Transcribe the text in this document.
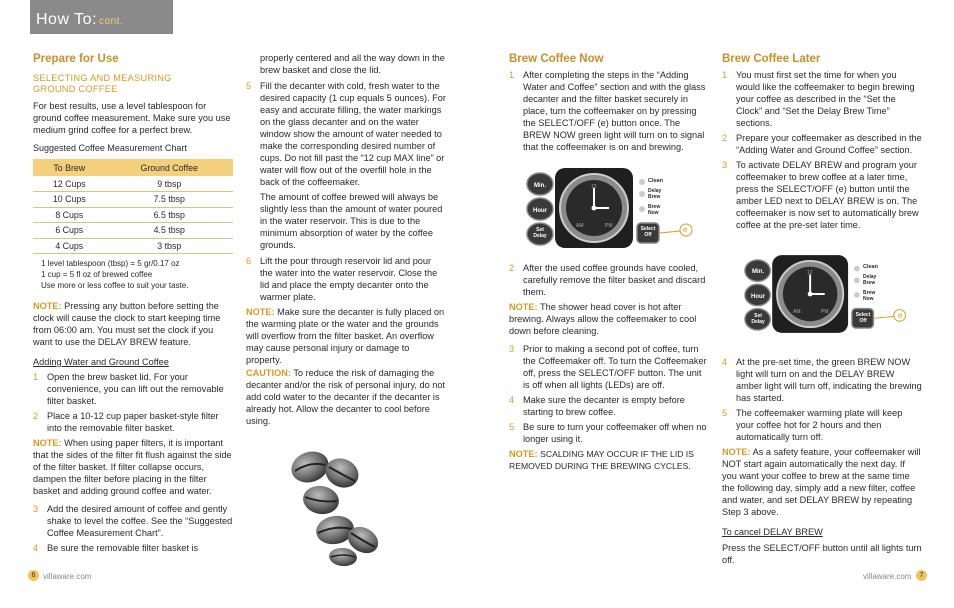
How To: cont.
Prepare for Use
SELECTING AND MEASURING GROUND COFFEE
For best results, use a level tablespoon for ground coffee measurement. Make sure you use medium grind coffee for a perfect brew.
Suggested Coffee Measurement Chart
To Brew	Ground Coffee
12 Cups	9 tbsp
10 Cups	7.5 tbsp
8 Cups	6.5 tbsp
6 Cups	4.5 tbsp
4 Cups	3 tbsp
1 level tablespoon (tbsp) = 5 gr/0.17 oz
1 cup = 5 fl oz of brewed coffee
Use more or less coffee to suit your taste.
NOTE: Pressing any button before setting the clock will cause the clock to start keeping time from 06:00 am. You must set the clock if you want to use the DELAY BREW feature.
Adding Water and Ground Coffee
1 Open the brew basket lid. For your convenience, you can lift out the removable filter basket.
2 Place a 10-12 cup paper basket-style filter into the removable filter basket.
NOTE: When using paper filters, it is important that the sides of the filter fit flush against the side of the filter basket. If filter collapse occurs, dampen the filter before placing in the filter basket and adding ground coffee and water.
3 Add the desired amount of coffee and gently shake to level the coffee. See the “Suggested Coffee Measurement Chart”.
4 Be sure the removable filter basket is
properly centered and all the way down in the brew basket and close the lid.
5 Fill the decanter with cold, fresh water to the desired capacity (1 cup equals 5 ounces). For easy and accurate filling, the water markings on the glass decanter and on the water window show the amount of water needed to make the corresponding desired number of cups. Do not fill past the “12 cup MAX line” or water will flow out of the overfill hole in the back of the coffeemaker.
The amount of coffee brewed will always be slightly less than the amount of water poured in the water reservoir. This is due to the minimum absorption of water by the coffee grounds.
6 Lift the pour through reservoir lid and pour the water into the water reservoir. Close the lid and place the empty decanter onto the warmer plate.
NOTE: Make sure the decanter is fully placed on the warming plate or the water and the grounds will overflow from the filter basket. An overflow may cause personal injury or damage to property.
CAUTION: To reduce the risk of damaging the decanter and/or the risk of personal injury, do not add cold water to the decanter if the decanter is already hot. Allow the decanter to cool before using.
Brew Coffee Now
1 After completing the steps in the “Adding Water and Coffee” section and with the glass decanter and the filter basket securely in place, turn the coffeemaker on by pressing the SELECT/OFF (e) button once. The BREW NOW green light will turn on to signal that the coffeemaker is on and brewing.
Min.
Hour
Set Delay
Select Off
Clean
Delay Brew
Brew Now
12
AM	PM	e
2 After the used coffee grounds have cooled, carefully remove the filter basket and discard them.
NOTE: The shower head cover is hot after brewing. Always allow the coffeemaker to cool down before cleaning.
3 Prior to making a second pot of coffee, turn the Coffeemaker off. To turn the Coffeemaker off, press the SELECT/OFF button. The unit is off when all lights (LEDs) are off.
4 Make sure the decanter is empty before starting to brew coffee.
5 Be sure to turn your coffeemaker off when no longer using it.
NOTE: SCALDING MAY OCCUR IF THE LID IS REMOVED DURING THE BREWING CYCLES.
Brew Coffee Later
1 You must first set the time for when you would like the coffeemaker to begin brewing your coffee as described in the “Set the Clock” and “Set the Delay Brew Time” sections.
2 Prepare your coffeemaker as described in the “Adding Water and Ground Coffee” section.
3 To activate DELAY BREW and program your coffeemaker to brew coffee at a later time, press the SELECT/OFF (e) button until the amber LED next to DELAY BREW is on. The coffeemaker is now set to automatically brew coffee at the pre-set later time.
Min.
Hour
Set Delay
Select Off
Clean
Delay Brew
Brew Now
12
AM	PM	e
4 At the pre-set time, the green BREW NOW light will turn on and the DELAY BREW amber light will turn off, indicating the brewing has started.
5 The coffeemaker warming plate will keep your coffee hot for 2 hours and then automatically turn off.
NOTE: As a safety feature, your coffeemaker will NOT start again automatically the next day. If you want your coffee to brew at the same time the following day, simply add a new filter, coffee and water, and set DELAY BREW by repeating Step 3 above.
To cancel DELAY BREW
Press the SELECT/OFF button until all lights turn off.
6 villaware.com	villaware.com	7
